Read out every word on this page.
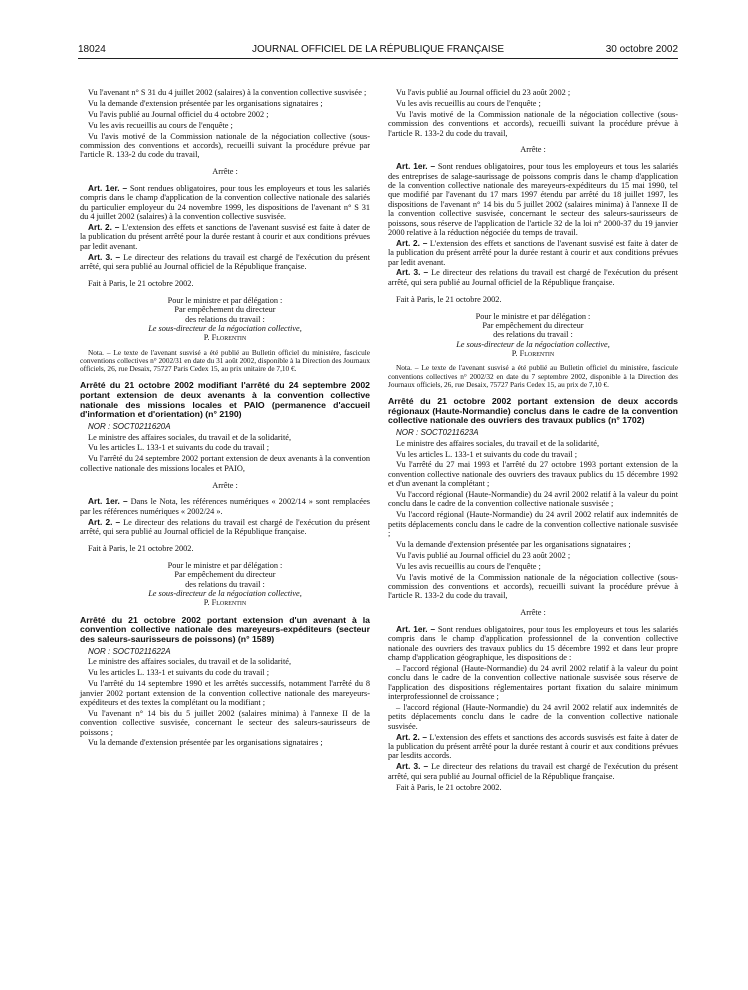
18024	JOURNAL OFFICIEL DE LA RÉPUBLIQUE FRANÇAISE	30 octobre 2002

Vu l'avenant n° S 31 du 4 juillet 2002 (salaires) à la convention collective susvisée ;

Vu la demande d'extension présentée par les organisations signataires ;

Vu l'avis publié au Journal officiel du 4 octobre 2002 ;

Vu les avis recueillis au cours de l'enquête ;

Vu l'avis motivé de la Commission nationale de la négociation collective (sous-commission des conventions et accords), recueilli suivant la procédure prévue par l'article R. 133-2 du code du travail,

Arrête :

Art. 1er. – Sont rendues obligatoires, pour tous les employeurs et tous les salariés compris dans le champ d'application de la convention collective nationale des salariés du particulier employeur du 24 novembre 1999, les dispositions de l'avenant n° S 31 du 4 juillet 2002 (salaires) à la convention collective susvisée.

Art. 2. – L'extension des effets et sanctions de l'avenant susvisé est faite à dater de la publication du présent arrêté pour la durée restant à courir et aux conditions prévues par ledit avenant.

Art. 3. – Le directeur des relations du travail est chargé de l'exécution du présent arrêté, qui sera publié au Journal officiel de la République française.

Fait à Paris, le 21 octobre 2002.

Pour le ministre et par délégation :

Par empêchement du directeur

des relations du travail :

Le sous-directeur de la négociation collective,

P. Florentin

Nota. – Le texte de l'avenant susvisé a été publié au Bulletin officiel du ministère, fascicule conventions collectives n° 2002/31 en date du 31 août 2002, disponible à la Direction des Journaux officiels, 26, rue Desaix, 75727 Paris Cedex 15, au prix unitaire de 7,10 €.

Arrêté du 21 octobre 2002 modifiant l'arrêté du 24 septembre 2002 portant extension de deux avenants à la convention collective nationale des missions locales et PAIO (permanence d'accueil d'information et d'orientation) (n° 2190)

NOR : SOCT0211620A

Le ministre des affaires sociales, du travail et de la solidarité,

Vu les articles L. 133-1 et suivants du code du travail ;

Vu l'arrêté du 24 septembre 2002 portant extension de deux avenants à la convention collective nationale des missions locales et PAIO,

Arrête :

Art. 1er. – Dans le Nota, les références numériques « 2002/14 » sont remplacées par les références numériques « 2002/24 ».

Art. 2. – Le directeur des relations du travail est chargé de l'exécution du présent arrêté, qui sera publié au Journal officiel de la République française.

Fait à Paris, le 21 octobre 2002.

Pour le ministre et par délégation :

Par empêchement du directeur

des relations du travail :

Le sous-directeur de la négociation collective,

P. Florentin

Arrêté du 21 octobre 2002 portant extension d'un avenant à la convention collective nationale des mareyeurs-expéditeurs (secteur des saleurs-saurisseurs de poissons) (n° 1589)

NOR : SOCT0211622A

Le ministre des affaires sociales, du travail et de la solidarité,

Vu les articles L. 133-1 et suivants du code du travail ;

Vu l'arrêté du 14 septembre 1990 et les arrêtés successifs, notamment l'arrêté du 8 janvier 2002 portant extension de la convention collective nationale des mareyeurs-expéditeurs et des textes la complétant ou la modifiant ;

Vu l'avenant n° 14 bis du 5 juillet 2002 (salaires minima) à l'annexe II de la convention collective susvisée, concernant le secteur des saleurs-saurisseurs de poissons ;

Vu la demande d'extension présentée par les organisations signataires ;

Vu l'avis publié au Journal officiel du 23 août 2002 ;

Vu les avis recueillis au cours de l'enquête ;

Vu l'avis motivé de la Commission nationale de la négociation collective (sous-commission des conventions et accords), recueilli suivant la procédure prévue à l'article R. 133-2 du code du travail,

Arrête :

Art. 1er. – Sont rendues obligatoires, pour tous les employeurs et tous les salariés des entreprises de salage-saurissage de poissons compris dans le champ d'application de la convention collective nationale des mareyeurs-expéditeurs du 15 mai 1990, tel que modifié par l'avenant du 17 mars 1997 étendu par arrêté du 18 juillet 1997, les dispositions de l'avenant n° 14 bis du 5 juillet 2002 (salaires minima) à l'annexe II de la convention collective susvisée, concernant le secteur des saleurs-saurisseurs de poissons, sous réserve de l'application de l'article 32 de la loi n° 2000-37 du 19 janvier 2000 relative à la réduction négociée du temps de travail.

Art. 2. – L'extension des effets et sanctions de l'avenant susvisé est faite à dater de la publication du présent arrêté pour la durée restant à courir et aux conditions prévues par ledit avenant.

Art. 3. – Le directeur des relations du travail est chargé de l'exécution du présent arrêté, qui sera publié au Journal officiel de la République française.

Fait à Paris, le 21 octobre 2002.

Pour le ministre et par délégation :

Par empêchement du directeur

des relations du travail :

Le sous-directeur de la négociation collective,

P. Florentin

Nota. – Le texte de l'avenant susvisé a été publié au Bulletin officiel du ministère, fascicule conventions collectives n° 2002/32 en date du 7 septembre 2002, disponible à la Direction des Journaux officiels, 26, rue Desaix, 75727 Paris Cedex 15, au prix de 7,10 €.

Arrêté du 21 octobre 2002 portant extension de deux accords régionaux (Haute-Normandie) conclus dans le cadre de la convention collective nationale des ouvriers des travaux publics (n° 1702)

NOR : SOCT0211623A

Le ministre des affaires sociales, du travail et de la solidarité,

Vu les articles L. 133-1 et suivants du code du travail ;

Vu l'arrêté du 27 mai 1993 et l'arrêté du 27 octobre 1993 portant extension de la convention collective nationale des ouvriers des travaux publics du 15 décembre 1992 et d'un avenant la complétant ;

Vu l'accord régional (Haute-Normandie) du 24 avril 2002 relatif à la valeur du point conclu dans le cadre de la convention collective nationale susvisée ;

Vu l'accord régional (Haute-Normandie) du 24 avril 2002 relatif aux indemnités de petits déplacements conclu dans le cadre de la convention collective nationale susvisée ;

Vu la demande d'extension présentée par les organisations signataires ;

Vu l'avis publié au Journal officiel du 23 août 2002 ;

Vu les avis recueillis au cours de l'enquête ;

Vu l'avis motivé de la Commission nationale de la négociation collective (sous-commission des conventions et accords), recueilli suivant la procédure prévue à l'article R. 133-2 du code du travail,

Arrête :

Art. 1er. – Sont rendues obligatoires, pour tous les employeurs et tous les salariés compris dans le champ d'application professionnel de la convention collective nationale des ouvriers des travaux publics du 15 décembre 1992 et dans leur propre champ d'application géographique, les dispositions de :

– l'accord régional (Haute-Normandie) du 24 avril 2002 relatif à la valeur du point conclu dans le cadre de la convention collective nationale susvisée sous réserve de l'application des dispositions réglementaires portant fixation du salaire minimum interprofessionnel de croissance ;

– l'accord régional (Haute-Normandie) du 24 avril 2002 relatif aux indemnités de petits déplacements conclu dans le cadre de la convention collective nationale susvisée.

Art. 2. – L'extension des effets et sanctions des accords susvisés est faite à dater de la publication du présent arrêté pour la durée restant à courir et aux conditions prévues par lesdits accords.

Art. 3. – Le directeur des relations du travail est chargé de l'exécution du présent arrêté, qui sera publié au Journal officiel de la République française.

Fait à Paris, le 21 octobre 2002.
